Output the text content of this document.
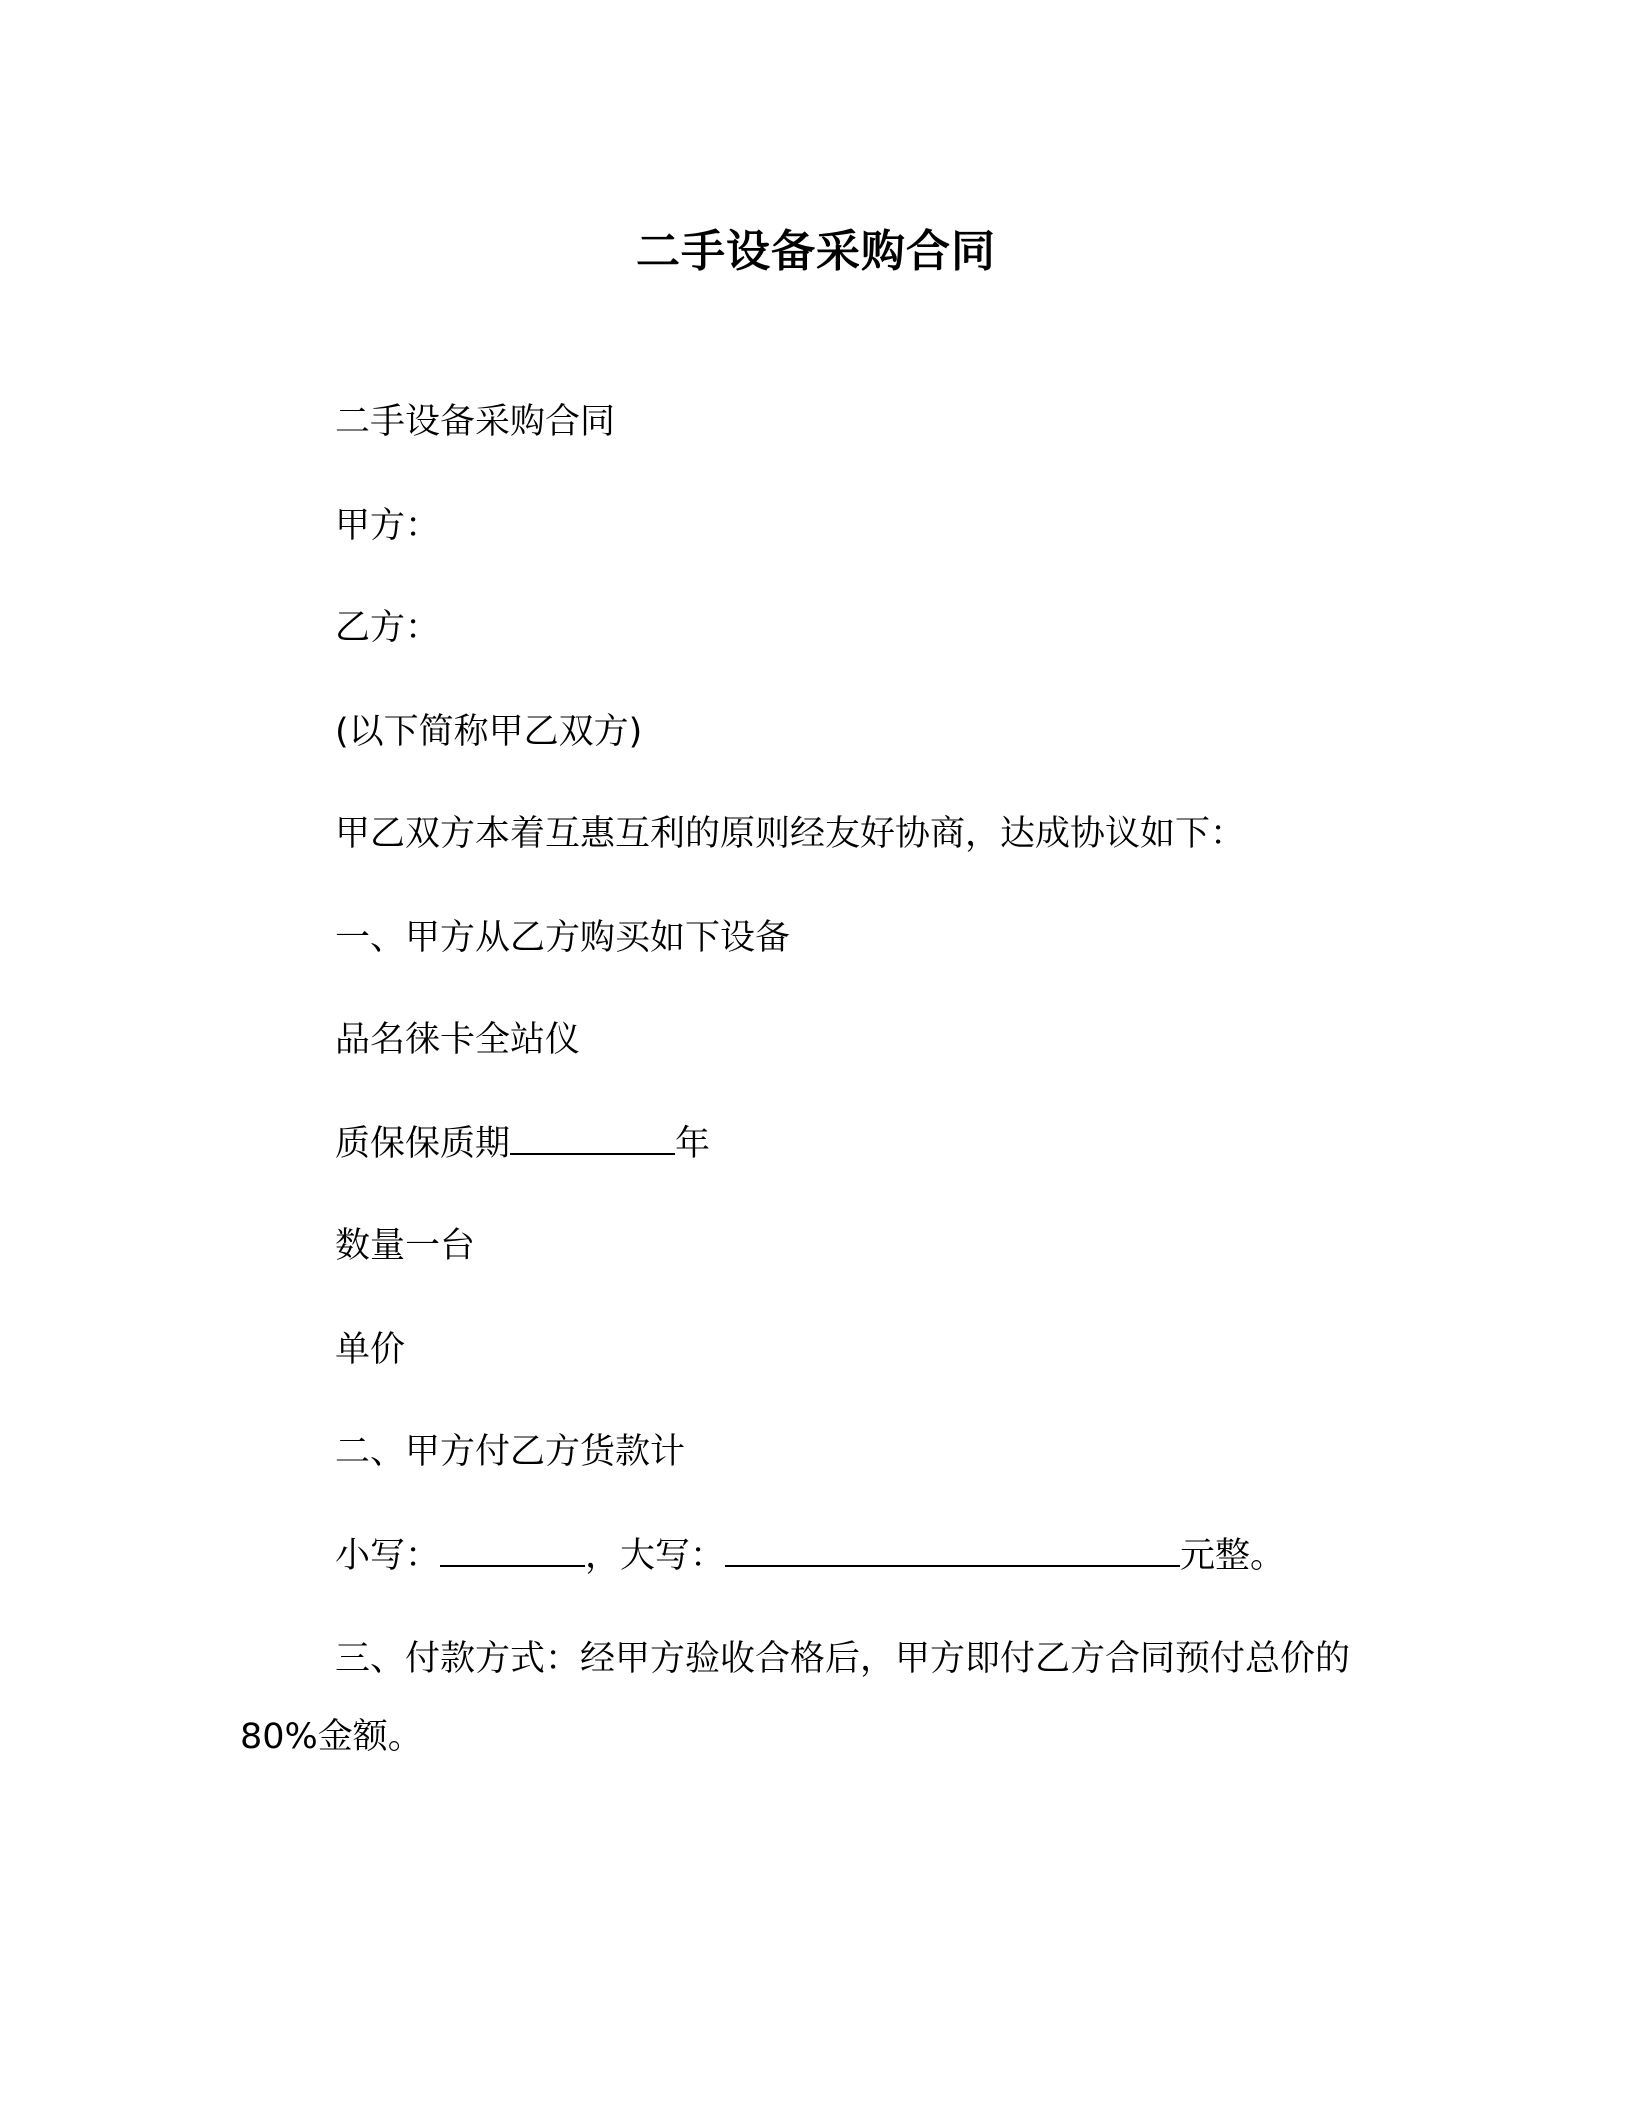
二手设备采购合同

二手设备采购合同

甲方：

乙方：

(以下简称甲乙双方)

甲乙双方本着互惠互利的原则经友好协商，达成协议如下：

一、甲方从乙方购买如下设备

品名徕卡全站仪

质保保质期	年

数量一台

单价

二、甲方付乙方货款计

小写：	，大写：	元整。

三、付款方式：经甲方验收合格后，甲方即付乙方合同预付总价的 80%金额。
